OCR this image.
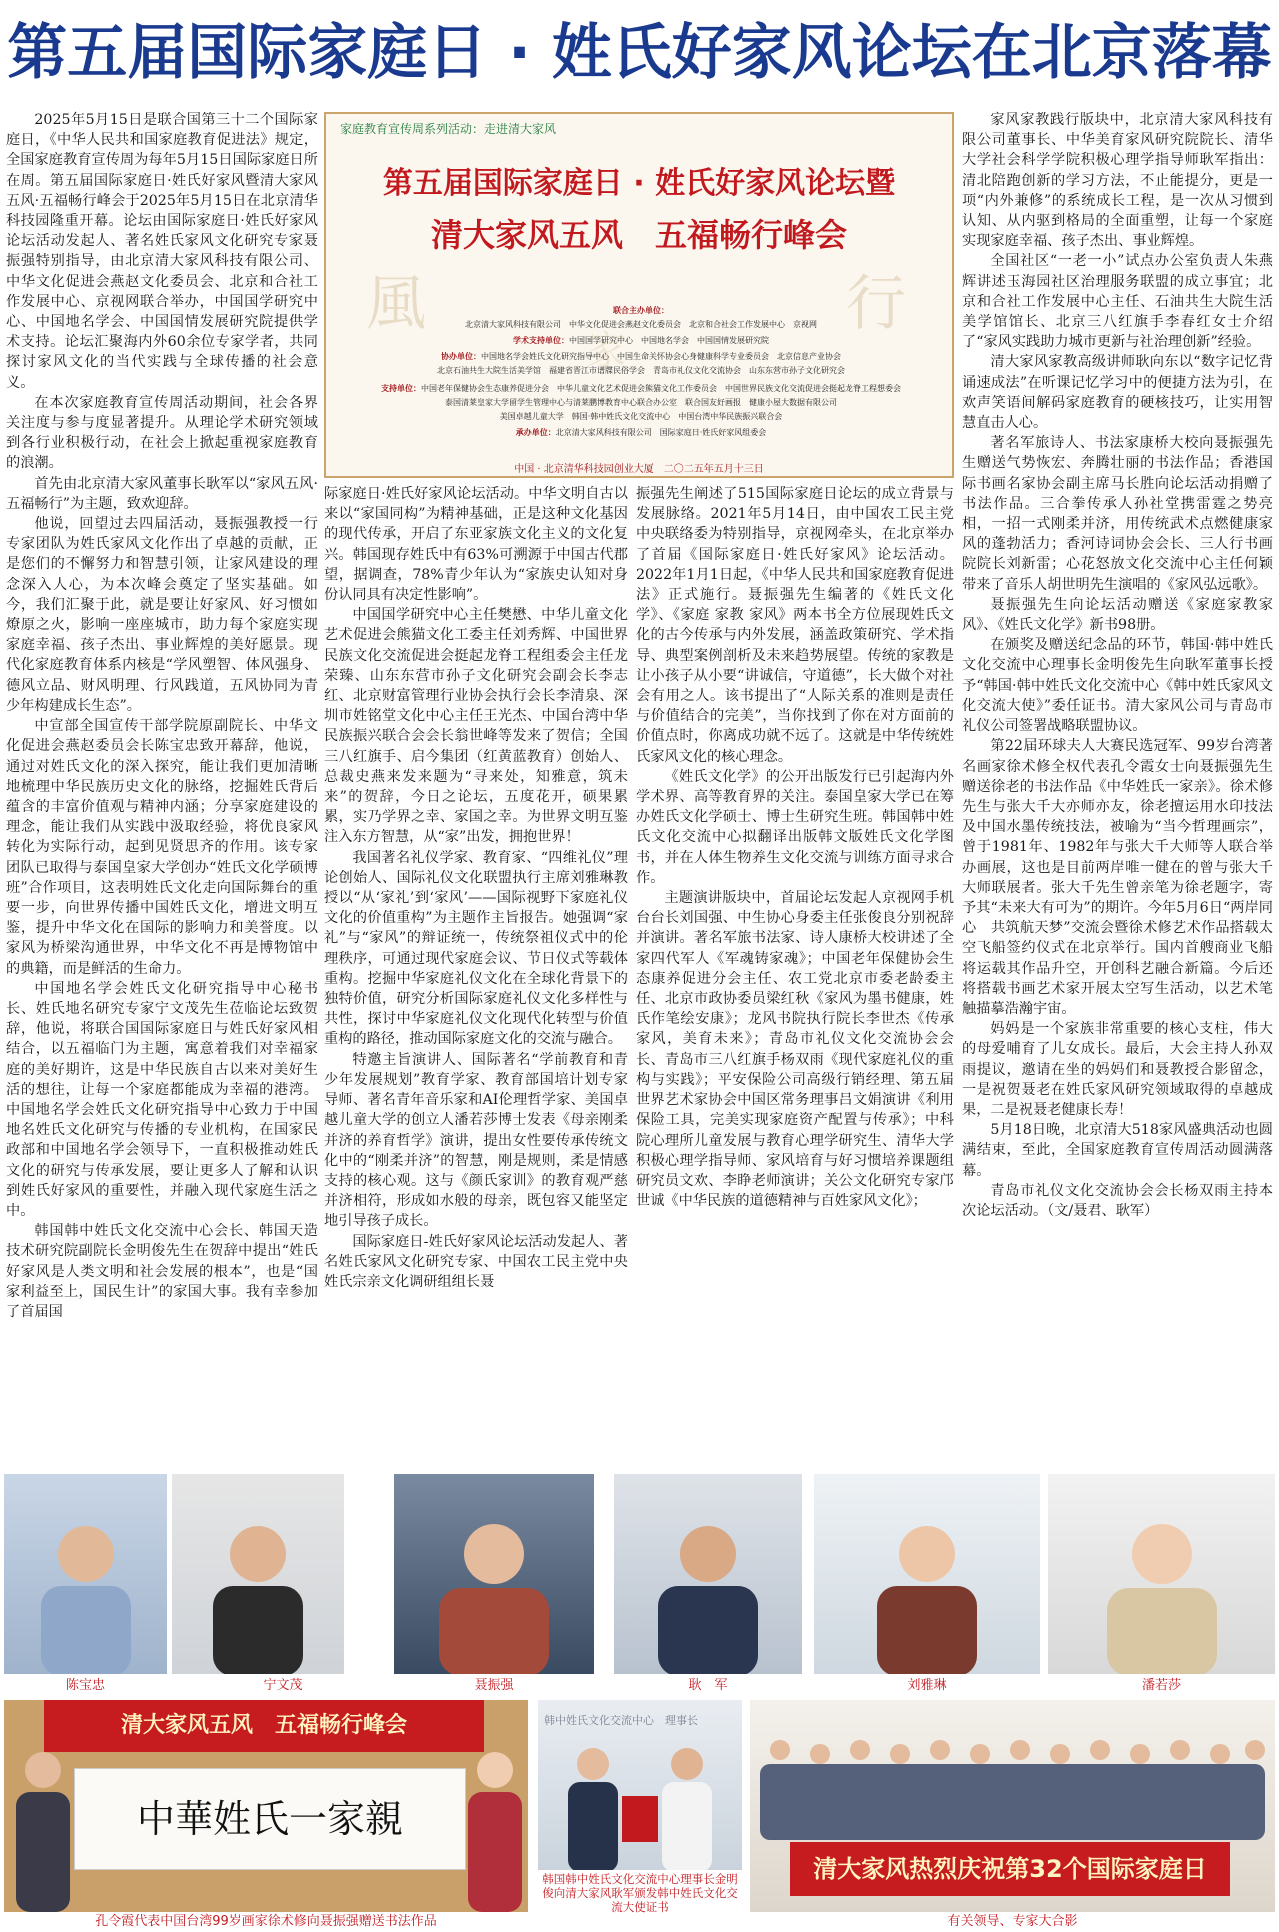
第五届国际家庭日 · 姓氏好家风论坛在北京落幕

2025年5月15日是联合国第三十二个国际家庭日，《中华人民共和国家庭教育促进法》规定，全国家庭教育宣传周为每年5月15日国际家庭日所在周。第五届国际家庭日·姓氏好家风暨清大家风五风·五福畅行峰会于2025年5月15日在北京清华科技园隆重开幕。论坛由国际家庭日·姓氏好家风论坛活动发起人、著名姓氏家风文化研究专家聂振强特别指导，由北京清大家风科技有限公司、中华文化促进会燕赵文化委员会、北京和合社工作发展中心、京视网联合举办，中国国学研究中心、中国地名学会、中国国情发展研究院提供学术支持。论坛汇聚海内外60余位专家学者，共同探讨家风文化的当代实践与全球传播的社会意义。

在本次家庭教育宣传周活动期间，社会各界关注度与参与度显著提升。从理论学术研究领域到各行业积极行动，在社会上掀起重视家庭教育的浪潮。

首先由北京清大家风董事长耿军以“家风五风·五福畅行”为主题，致欢迎辞。

他说，回望过去四届活动，聂振强教授一行专家团队为姓氏家风文化作出了卓越的贡献，正是您们的不懈努力和智慧引领，让家风建设的理念深入人心，为本次峰会奠定了坚实基础。如今，我们汇聚于此，就是要让好家风、好习惯如燎原之火，影响一座座城市，助力每个家庭实现家庭幸福、孩子杰出、事业辉煌的美好愿景。现代化家庭教育体系内核是“学风塑智、体风强身、德风立品、财风明理、行风践道，五风协同为青少年构建成长生态”。

中宣部全国宣传干部学院原副院长、中华文化促进会燕赵委员会长陈宝忠致开幕辞，他说，通过对姓氏文化的深入探究，能让我们更加清晰地梳理中华民族历史文化的脉络，挖掘姓氏背后蕴含的丰富价值观与精神内涵；分享家庭建设的理念，能让我们从实践中汲取经验，将优良家风转化为实际行动，起到见贤思齐的作用。该专家团队已取得与泰国皇家大学创办“姓氏文化学硕博班”合作项目，这表明姓氏文化走向国际舞台的重要一步，向世界传播中国姓氏文化，增进文明互鉴，提升中华文化在国际的影响力和美誉度。以家风为桥梁沟通世界，中华文化不再是博物馆中的典籍，而是鲜活的生命力。

中国地名学会姓氏文化研究指导中心秘书长、姓氏地名研究专家宁文茂先生莅临论坛致贺辞，他说，将联合国国际家庭日与姓氏好家风相结合，以五福临门为主题，寓意着我们对幸福家庭的美好期许，这是中华民族自古以来对美好生活的想往，让每一个家庭都能成为幸福的港湾。中国地名学会姓氏文化研究指导中心致力于中国地名姓氏文化研究与传播的专业机构，在国家民政部和中国地名学会领导下，一直积极推动姓氏文化的研究与传承发展，要让更多人了解和认识到姓氏好家风的重要性，并融入现代家庭生活之中。

韩国韩中姓氏文化交流中心会长、韩国天造技术研究院副院长金明俊先生在贺辞中提出“姓氏好家风是人类文明和社会发展的根本”，也是“国家利益至上，国民生计”的家国大事。我有幸参加了首届国

家庭教育宣传周系列活动：走进清大家风
風	行
家
第五届国际家庭日 · 姓氏好家风论坛暨
清大家风五风　五福畅行峰会
联合主办单位：
北京清大家风科技有限公司　中华文化促进会燕赵文化委员会　北京和合社会工作发展中心　京视网
学术支持单位：中国国学研究中心　中国地名学会　中国国情发展研究院
协办单位：中国地名学会姓氏文化研究指导中心　中国生命关怀协会心身健康科学专业委员会　北京信息产业协会
北京石油共生大院生活美学馆　福建省晋江市谱牒民俗学会　青岛市礼仪文化交流协会　山东东营市孙子文化研究会
支持单位：中国老年保健协会生态康养促进分会　中华儿童文化艺术促进会熊猫文化工作委员会　中国世界民族文化交流促进会挺起龙脊工程想委会
泰国清莱皇家大学留学生管理中心与清莱鹏博教育中心联合办公室　联合国友好画报　健康小屋大数据有限公司
美国卓越儿童大学　韩国·韩中姓氏文化交流中心　中国台湾中华民族振兴联合会
承办单位：北京清大家风科技有限公司　国际家庭日·姓氏好家风组委会
中国 · 北京清华科技园创业大厦　二〇二五年五月十三日

际家庭日·姓氏好家风论坛活动。中华文明自古以来以“家国同构”为精神基础，正是这种文化基因的现代传承，开启了东亚家族文化主义的文化复兴。韩国现存姓氏中有63%可溯源于中国古代郡望，据调查，78%青少年认为“家族史认知对身份认同具有决定性影响”。

中国国学研究中心主任樊懋、中华儿童文化艺术促进会熊猫文化工委主任刘秀辉、中国世界民族文化交流促进会挺起龙脊工程组委会主任龙荣臻、山东东营市孙子文化研究会副会长李志红、北京财富管理行业协会执行会长李清泉、深圳市姓铭堂文化中心主任王光杰、中国台湾中华民族振兴联合会会长翁世峰等发来了贺信；全国三八红旗手、启今集团（红黄蓝教育）创始人、总裁史燕来发来题为“寻来处，知雅意，筑未来”的贺辞，今日之论坛，五度花开，硕果累累，实乃学界之幸、家国之幸。为世界文明互鉴注入东方智慧，从“家”出发，拥抱世界！

我国著名礼仪学家、教育家、“四维礼仪”理论创始人、国际礼仪文化联盟执行主席刘雅琳教授以“从‘家礼’到‘家风’——国际视野下家庭礼仪文化的价值重构”为主题作主旨报告。她强调“家礼”与“家风”的辩证统一，传统祭祖仪式中的伦理秩序，可通过现代家庭会议、节日仪式等载体重构。挖掘中华家庭礼仪文化在全球化背景下的独特价值，研究分析国际家庭礼仪文化多样性与共性，探讨中华家庭礼仪文化现代化转型与价值重构的路径，推动国际家庭文化的交流与融合。

特邀主旨演讲人、国际著名“学前教育和青少年发展规划”教育学家、教育部国培计划专家导师、著名青年音乐家和AI伦理哲学家、美国卓越儿童大学的创立人潘若莎博士发表《母亲刚柔并济的养育哲学》演讲，提出女性要传承传统文化中的“刚柔并济”的智慧，刚是规则，柔是情感支持的核心观。这与《颜氏家训》的教育观严慈并济相符，形成如水般的母亲，既包容又能坚定地引导孩子成长。

国际家庭日-姓氏好家风论坛活动发起人、著名姓氏家风文化研究专家、中国农工民主党中央姓氏宗亲文化调研组组长聂

振强先生阐述了515国际家庭日论坛的成立背景与发展脉络。2021年5月14日，由中国农工民主党中央联络委为特别指导，京视网牵头，在北京举办了首届《国际家庭日·姓氏好家风》论坛活动。2022年1月1日起，《中华人民共和国家庭教育促进法》正式施行。聂振强先生编著的《姓氏文化学》、《家庭 家教 家风》两本书全方位展现姓氏文化的古今传承与内外发展，涵盖政策研究、学术指导、典型案例剖析及未来趋势展望。传统的家教是让小孩子从小要“讲诚信，守道德”，长大做个对社会有用之人。该书提出了“人际关系的准则是责任与价值结合的完美”，当你找到了你在对方面前的价值点时，你离成功就不远了。这就是中华传统姓氏家风文化的核心理念。

《姓氏文化学》的公开出版发行已引起海内外学术界、高等教育界的关注。泰国皇家大学已在筹办姓氏文化学硕士、博士生研究生班。韩国韩中姓氏文化交流中心拟翻译出版韩文版姓氏文化学图书，并在人体生物养生文化交流与训练方面寻求合作。

主题演讲版块中，首届论坛发起人京视网手机台台长刘国强、中生协心身委主任张俊良分别祝辞并演讲。著名军旅书法家、诗人康桥大校讲述了全家四代军人《军魂铸家魂》；中国老年保健协会生态康养促进分会主任、农工党北京市委老龄委主任、北京市政协委员梁红秋《家风为墨书健康，姓氏作笔绘安康》；龙风书院执行院长李世杰《传承家风，美育未来》；青岛市礼仪文化交流协会会长、青岛市三八红旗手杨双雨《现代家庭礼仪的重构与实践》；平安保险公司高级行销经理、第五届世界艺术家协会中国区常务理事吕文娟演讲《利用保险工具，完美实现家庭资产配置与传承》；中科院心理所儿童发展与教育心理学研究生、清华大学积极心理学指导师、家风培育与好习惯培养课题组研究员文欢、李睁老师演讲；关公文化研究专家邝世诚《中华民族的道德精神与百姓家风文化》；

家风家教践行版块中，北京清大家风科技有限公司董事长、中华美育家风研究院院长、清华大学社会科学学院积极心理学指导师耿军指出：清北陪跑创新的学习方法，不止能提分，更是一项“内外兼修”的系统成长工程，是一次从习惯到认知、从内驱到格局的全面重塑，让每一个家庭实现家庭幸福、孩子杰出、事业辉煌。

全国社区“一老一小”试点办公室负责人朱燕辉讲述玉海园社区治理服务联盟的成立事宜；北京和合社工作发展中心主任、石油共生大院生活美学馆馆长、北京三八红旗手李春红女士介绍了“家风实践助力城市更新与社治理创新”经验。

清大家风家教高级讲师耿向东以“数字记忆背诵速成法”在听课记忆学习中的便捷方法为引，在欢声笑语间解码家庭教育的硬核技巧，让实用智慧直击人心。

著名军旅诗人、书法家康桥大校向聂振强先生赠送气势恢宏、奔腾壮丽的书法作品；香港国际书画名家协会副主席马长胜向论坛活动捐赠了书法作品。三合拳传承人孙社堂携雷霆之势亮相，一招一式刚柔并济，用传统武术点燃健康家风的蓬勃活力；香河诗词协会会长、三人行书画院院长刘新雷；心花怒放文化交流中心主任何颖带来了音乐人胡世明先生演唱的《家风弘远歌》。

聂振强先生向论坛活动赠送《家庭家教家风》、《姓氏文化学》新书98册。

在颁奖及赠送纪念品的环节，韩国·韩中姓氏文化交流中心理事长金明俊先生向耿军董事长授予“韩国·韩中姓氏文化交流中心《韩中姓氏家风文化交流大使》”委任证书。清大家风公司与青岛市礼仪公司签署战略联盟协议。

第22届环球夫人大赛民选冠军、99岁台湾著名画家徐术修全权代表孔令霞女士向聂振强先生赠送徐老的书法作品《中华姓氏一家亲》。徐术修先生与张大千大亦师亦友，徐老擅运用水印技法及中国水墨传统技法，被喻为“当今哲理画宗”，曾于1981年、1982年与张大千大师等人联合举办画展，这也是目前两岸唯一健在的曾与张大千大师联展者。张大千先生曾亲笔为徐老题字，寄予其“未来大有可为”的期许。今年5月6日“两岸同心　共筑航天梦”交流会暨徐术修艺术作品搭载太空飞船签约仪式在北京举行。国内首艘商业飞船将运载其作品升空，开创科艺融合新篇。今后还将搭载书画艺术家开展太空写生活动，以艺术笔触描摹浩瀚宇宙。

妈妈是一个家族非常重要的核心支柱，伟大的母爱哺育了儿女成长。最后，大会主持人孙双雨提议，邀请在坐的妈妈们和聂教授合影留念，一是祝贺聂老在姓氏家风研究领域取得的卓越成果，二是祝聂老健康长寿！

5月18日晚，北京清大518家风盛典活动也圆满结束，至此，全国家庭教育宣传周活动圆满落幕。

青岛市礼仪文化交流协会会长杨双雨主持本次论坛活动。（文/聂君、耿军）

陈宝忠	宁文茂	聂振强	耿　军	刘雅琳	潘若莎
清大家风五风　五福畅行峰会
中華姓氏一家親
孔令霞代表中国台湾99岁画家徐术修向聂振强赠送书法作品
韩中姓氏文化交流中心　理事长
韩国韩中姓氏文化交流中心理事长金明俊向清大家风耿军颁发韩中姓氏文化交流大使证书
清大家风热烈庆祝第32个国际家庭日
有关领导、专家大合影
